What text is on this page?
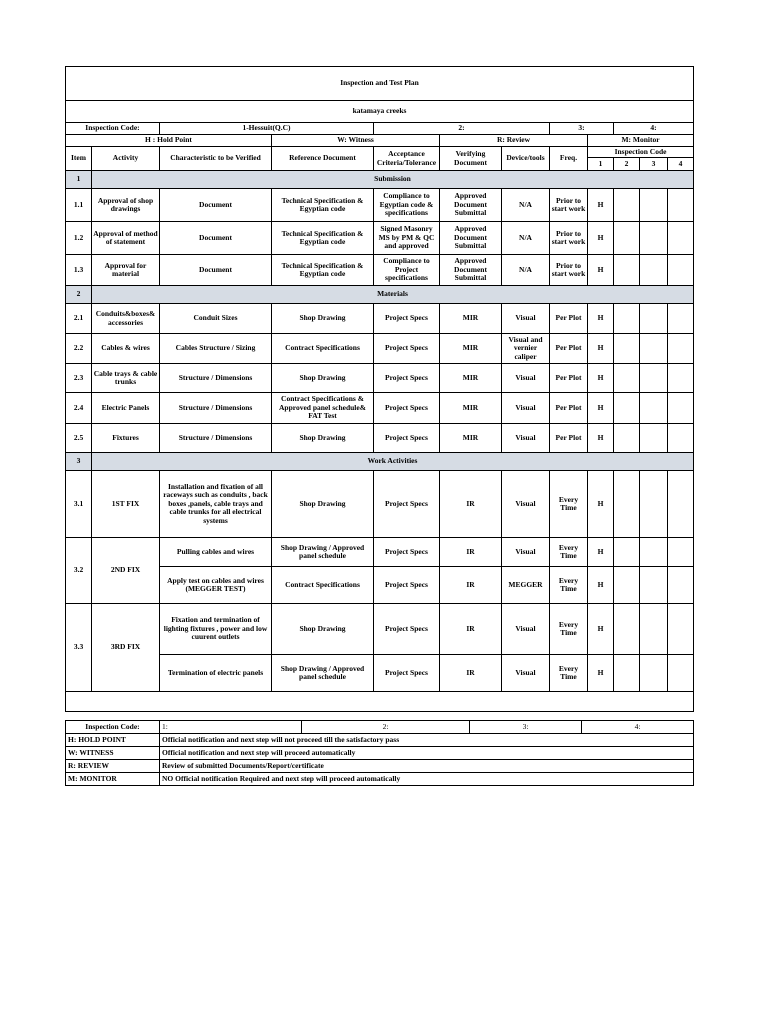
Inspection and Test Plan											
katamaya creeks											
Inspection Code:		1-Hessuit(Q.C)		2:			3:		4:		
H : Hold Point			W: Witness		R: Review			M: Monitor			
Item	Activity	Characteristic to be Verified	Reference Document	Acceptance Criteria/Tolerance	Verifying Document	Device/tools	Freq.	Inspection Code			
								1	2	3	4
1	Submission										
1.1	Approval of shop drawings	Document	Technical Specification & Egyptian code	Compliance to Egyptian code & specifications	Approved Document Submittal	N/A	Prior to start work	H			
1.2	Approval of method of statement	Document	Technical Specification & Egyptian code	Signed Masonry MS by PM & QC and approved	Approved Document Submittal	N/A	Prior to start work	H			
1.3	Approval for material	Document	Technical Specification & Egyptian code	Compliance to Project specifications	Approved Document Submittal	N/A	Prior to start work	H			
2	Materials										
2.1	Conduits&boxes& accessories	Conduit Sizes	Shop Drawing	Project Specs	MIR	Visual	Per Plot	H			
2.2	Cables & wires	Cables Structure / Sizing	Contract Specifications	Project Specs	MIR	Visual and vernier caliper	Per Plot	H			
2.3	Cable trays & cable trunks	Structure / Dimensions	Shop Drawing	Project Specs	MIR	Visual	Per Plot	H			
2.4	Electric Panels	Structure / Dimensions	Contract Specifications & Approved panel schedule& FAT Test	Project Specs	MIR	Visual	Per Plot	H			
2.5	Fixtures	Structure / Dimensions	Shop Drawing	Project Specs	MIR	Visual	Per Plot	H			
3	Work Activities										
3.1	1ST FIX	Installation and fixation of all raceways such as conduits , back boxes ,panels, cable trays and cable trunks for all electrical systems	Shop Drawing	Project Specs	IR	Visual	Every Time	H			
3.2	2ND FIX	Pulling cables and wires	Shop Drawing / Approved panel schedule	Project Specs	IR	Visual	Every Time	H			
		Apply test on cables and wires (MEGGER TEST)	Contract Specifications	Project Specs	IR	MEGGER	Every Time	H			
3.3	3RD FIX	Fixation and termination of lighting fixtures , power and low cuurent outlets	Shop Drawing	Project Specs	IR	Visual	Every Time	H			
		Termination of electric panels	Shop Drawing / Approved panel schedule	Project Specs	IR	Visual	Every Time	H			

Inspection Code:	1:	2:	3:	4:
H: HOLD POINT	Official notification and next step will not proceed till the satisfactory pass			
W: WITNESS	Official notification and next step will proceed automatically			
R: REVIEW	Review of submitted Documents/Report/certificate			
M: MONITOR	NO Official notification Required and next step will proceed automatically			
